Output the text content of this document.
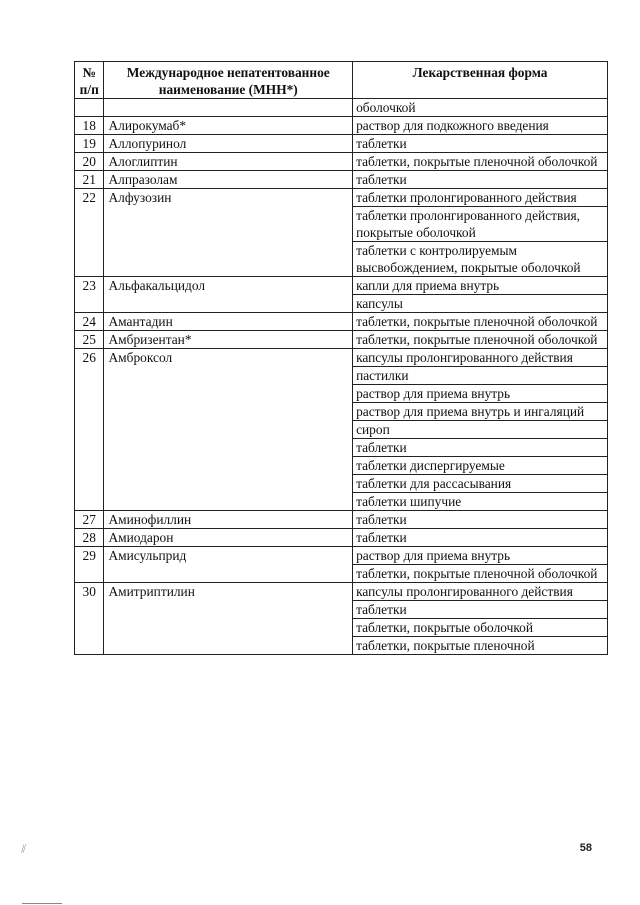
№ п/п	Международное непатентованное наименование (МНН*)	Лекарственная форма
		оболочкой
18	Алирокумаб*	раствор для подкожного введения
19	Аллопуринол	таблетки
20	Алоглиптин	таблетки, покрытые пленочной оболочкой
21	Алпразолам	таблетки
22	Алфузозин	таблетки пролонгированного действия
		таблетки пролонгированного действия, покрытые оболочкой
		таблетки с контролируемым высвобождением, покрытые оболочкой
23	Альфакальцидол	капли для приема внутрь
		капсулы
24	Амантадин	таблетки, покрытые пленочной оболочкой
25	Амбризентан*	таблетки, покрытые пленочной оболочкой
26	Амброксол	капсулы пролонгированного действия
		пастилки
		раствор для приема внутрь
		раствор для приема внутрь и ингаляций
		сироп
		таблетки
		таблетки диспергируемые
		таблетки для рассасывания
		таблетки шипучие
27	Аминофиллин	таблетки
28	Амиодарон	таблетки
29	Амисульприд	раствор для приема внутрь
		таблетки, покрытые пленочной оболочкой
30	Амитриптилин	капсулы пролонгированного действия
		таблетки
		таблетки, покрытые оболочкой
		таблетки, покрытые пленочной
58
⁄⁄
